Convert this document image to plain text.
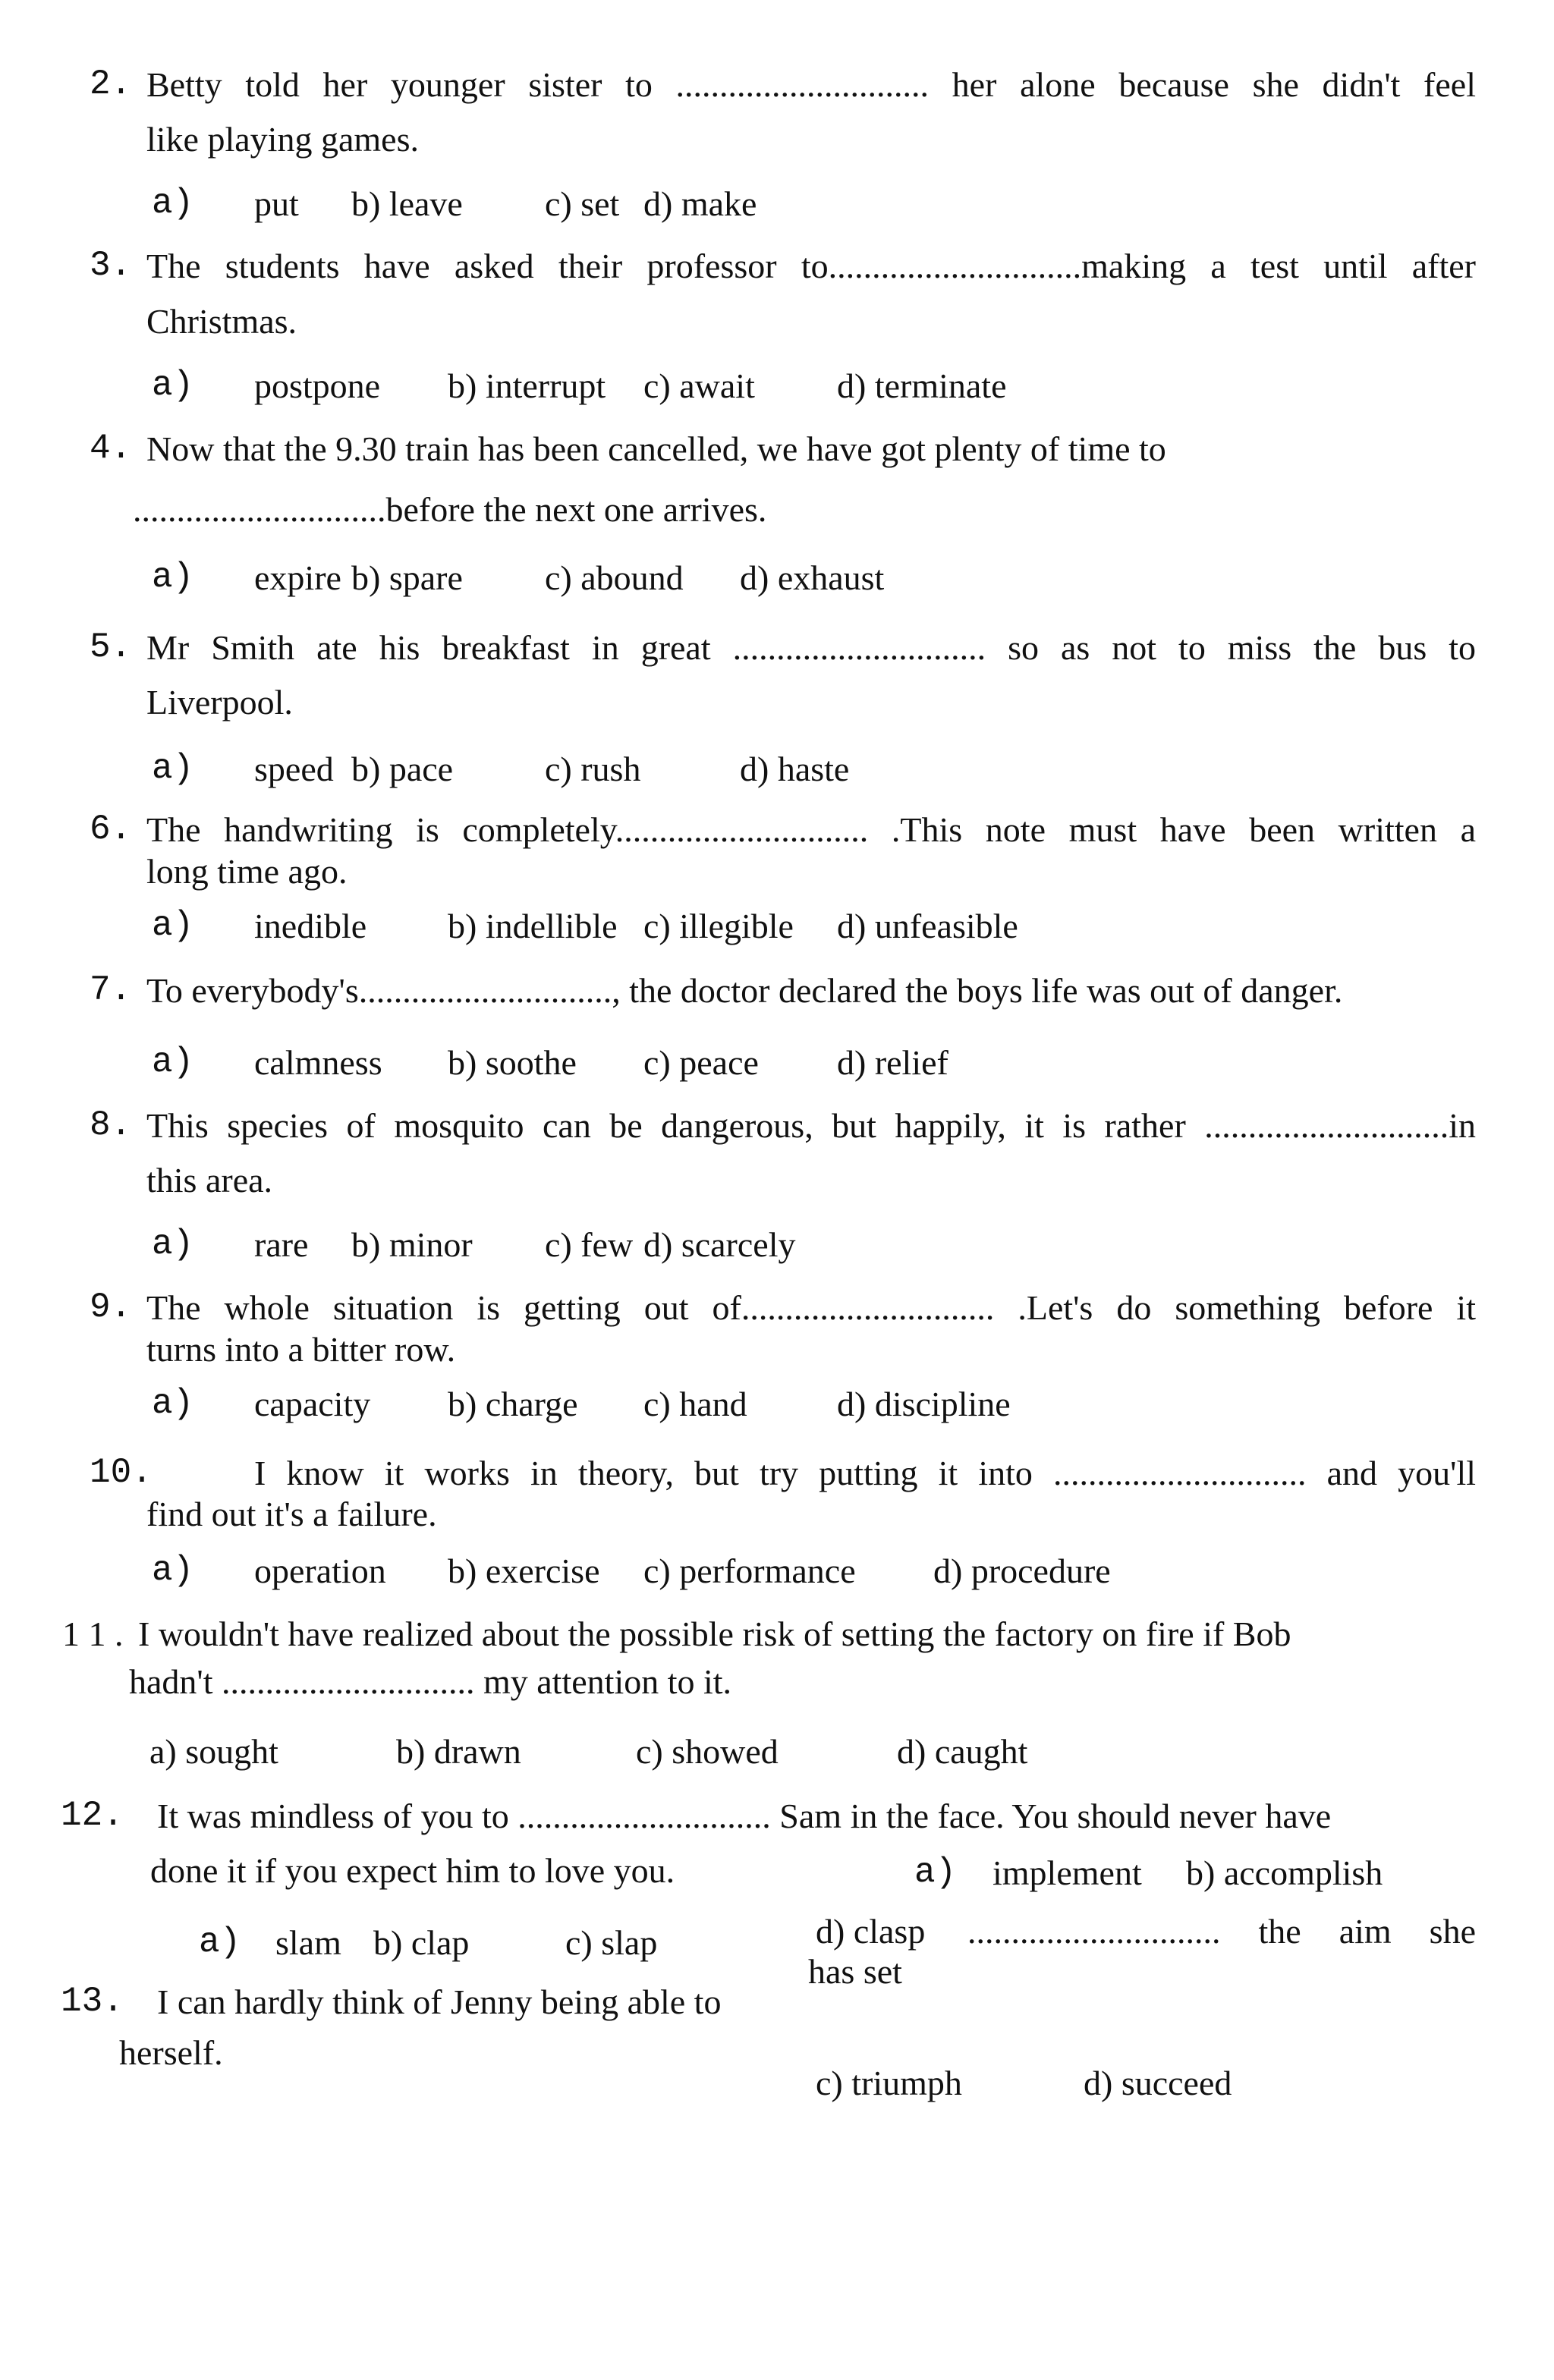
2. Betty told her younger sister to ............................. her alone because she didn't feel
like playing games.
a) put b) leave c) set d) make
3. The students have asked their professor to.............................making a test until after
Christmas.
a) postpone b) interrupt c) await d) terminate
4. Now that the 9.30 train has been cancelled, we have got plenty of time to
.............................before the next one arrives.
a) expire b) spare c) abound d) exhaust
5. Mr Smith ate his breakfast in great ............................. so as not to miss the bus to
Liverpool.
a) speed b) pace	c) rush	d) haste
6. The handwriting is completely............................. .This note must have been written a
long time ago.
a) inedible b) indellible c) illegible d) unfeasible
7. To everybody's............................., the doctor declared the boys life was out of danger.
a) calmness b) soothe c) peace d) relief
8. This species of mosquito can be dangerous, but happily, it is rather ............................in
this area.
a) rare b) minor c) few d) scarcely
9. The whole situation is getting out of............................. .Let's do something before it
turns into a bitter row.
a) capacity b) charge c) hand	d) discipline
10.	I know it works in theory, but try putting it into ............................. and you'll
find out it's a failure.
a) operation b) exercise c) performance d) procedure
1 1 . I wouldn't have realized about the possible risk of setting the factory on fire if Bob
hadn't ............................. my attention to it.
a) sought	b) drawn	c) showed	d) caught
12. It was mindless of you to ............................. Sam in the face. You should never have
done it if you expect him to love you.
a) slam b) clap	c) slap	d) clasp
13. I can hardly think of Jenny being able to
herself.
............................. the aim she
has set
a) implement b) accomplish
c) triumph	d) succeed
